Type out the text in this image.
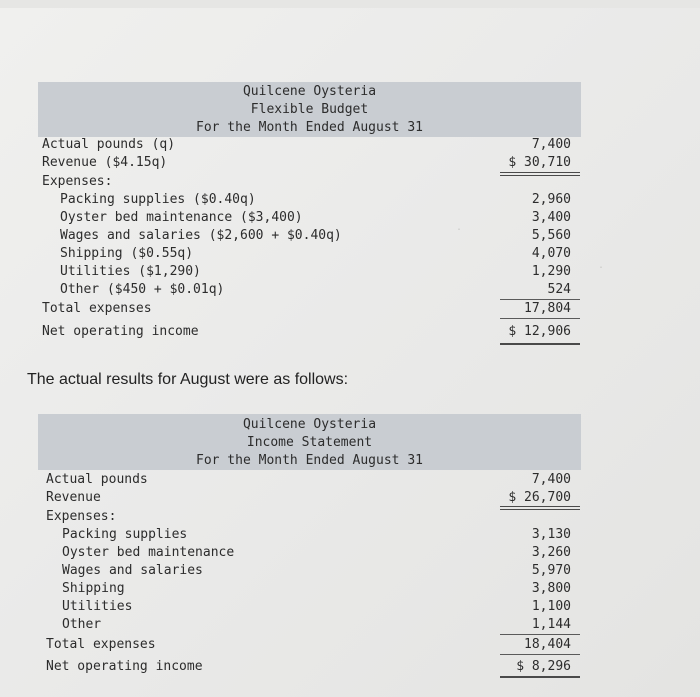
Quilcene Oysteria
Flexible Budget
For the Month Ended August 31
Actual pounds (q)	7,400
Revenue ($4.15q)	$ 30,710
Expenses:
Packing supplies ($0.40q)	2,960
Oyster bed maintenance ($3,400)	3,400
Wages and salaries ($2,600 + $0.40q)	5,560
Shipping ($0.55q)	4,070
Utilities ($1,290)	1,290
Other ($450 + $0.01q)	524
Total expenses	17,804
Net operating income	$ 12,906
The actual results for August were as follows:
Quilcene Oysteria
Income Statement
For the Month Ended August 31
Actual pounds	7,400
Revenue	$ 26,700
Expenses:
Packing supplies	3,130
Oyster bed maintenance	3,260
Wages and salaries	5,970
Shipping	3,800
Utilities	1,100
Other	1,144
Total expenses	18,404
Net operating income	$ 8,296
.
.
